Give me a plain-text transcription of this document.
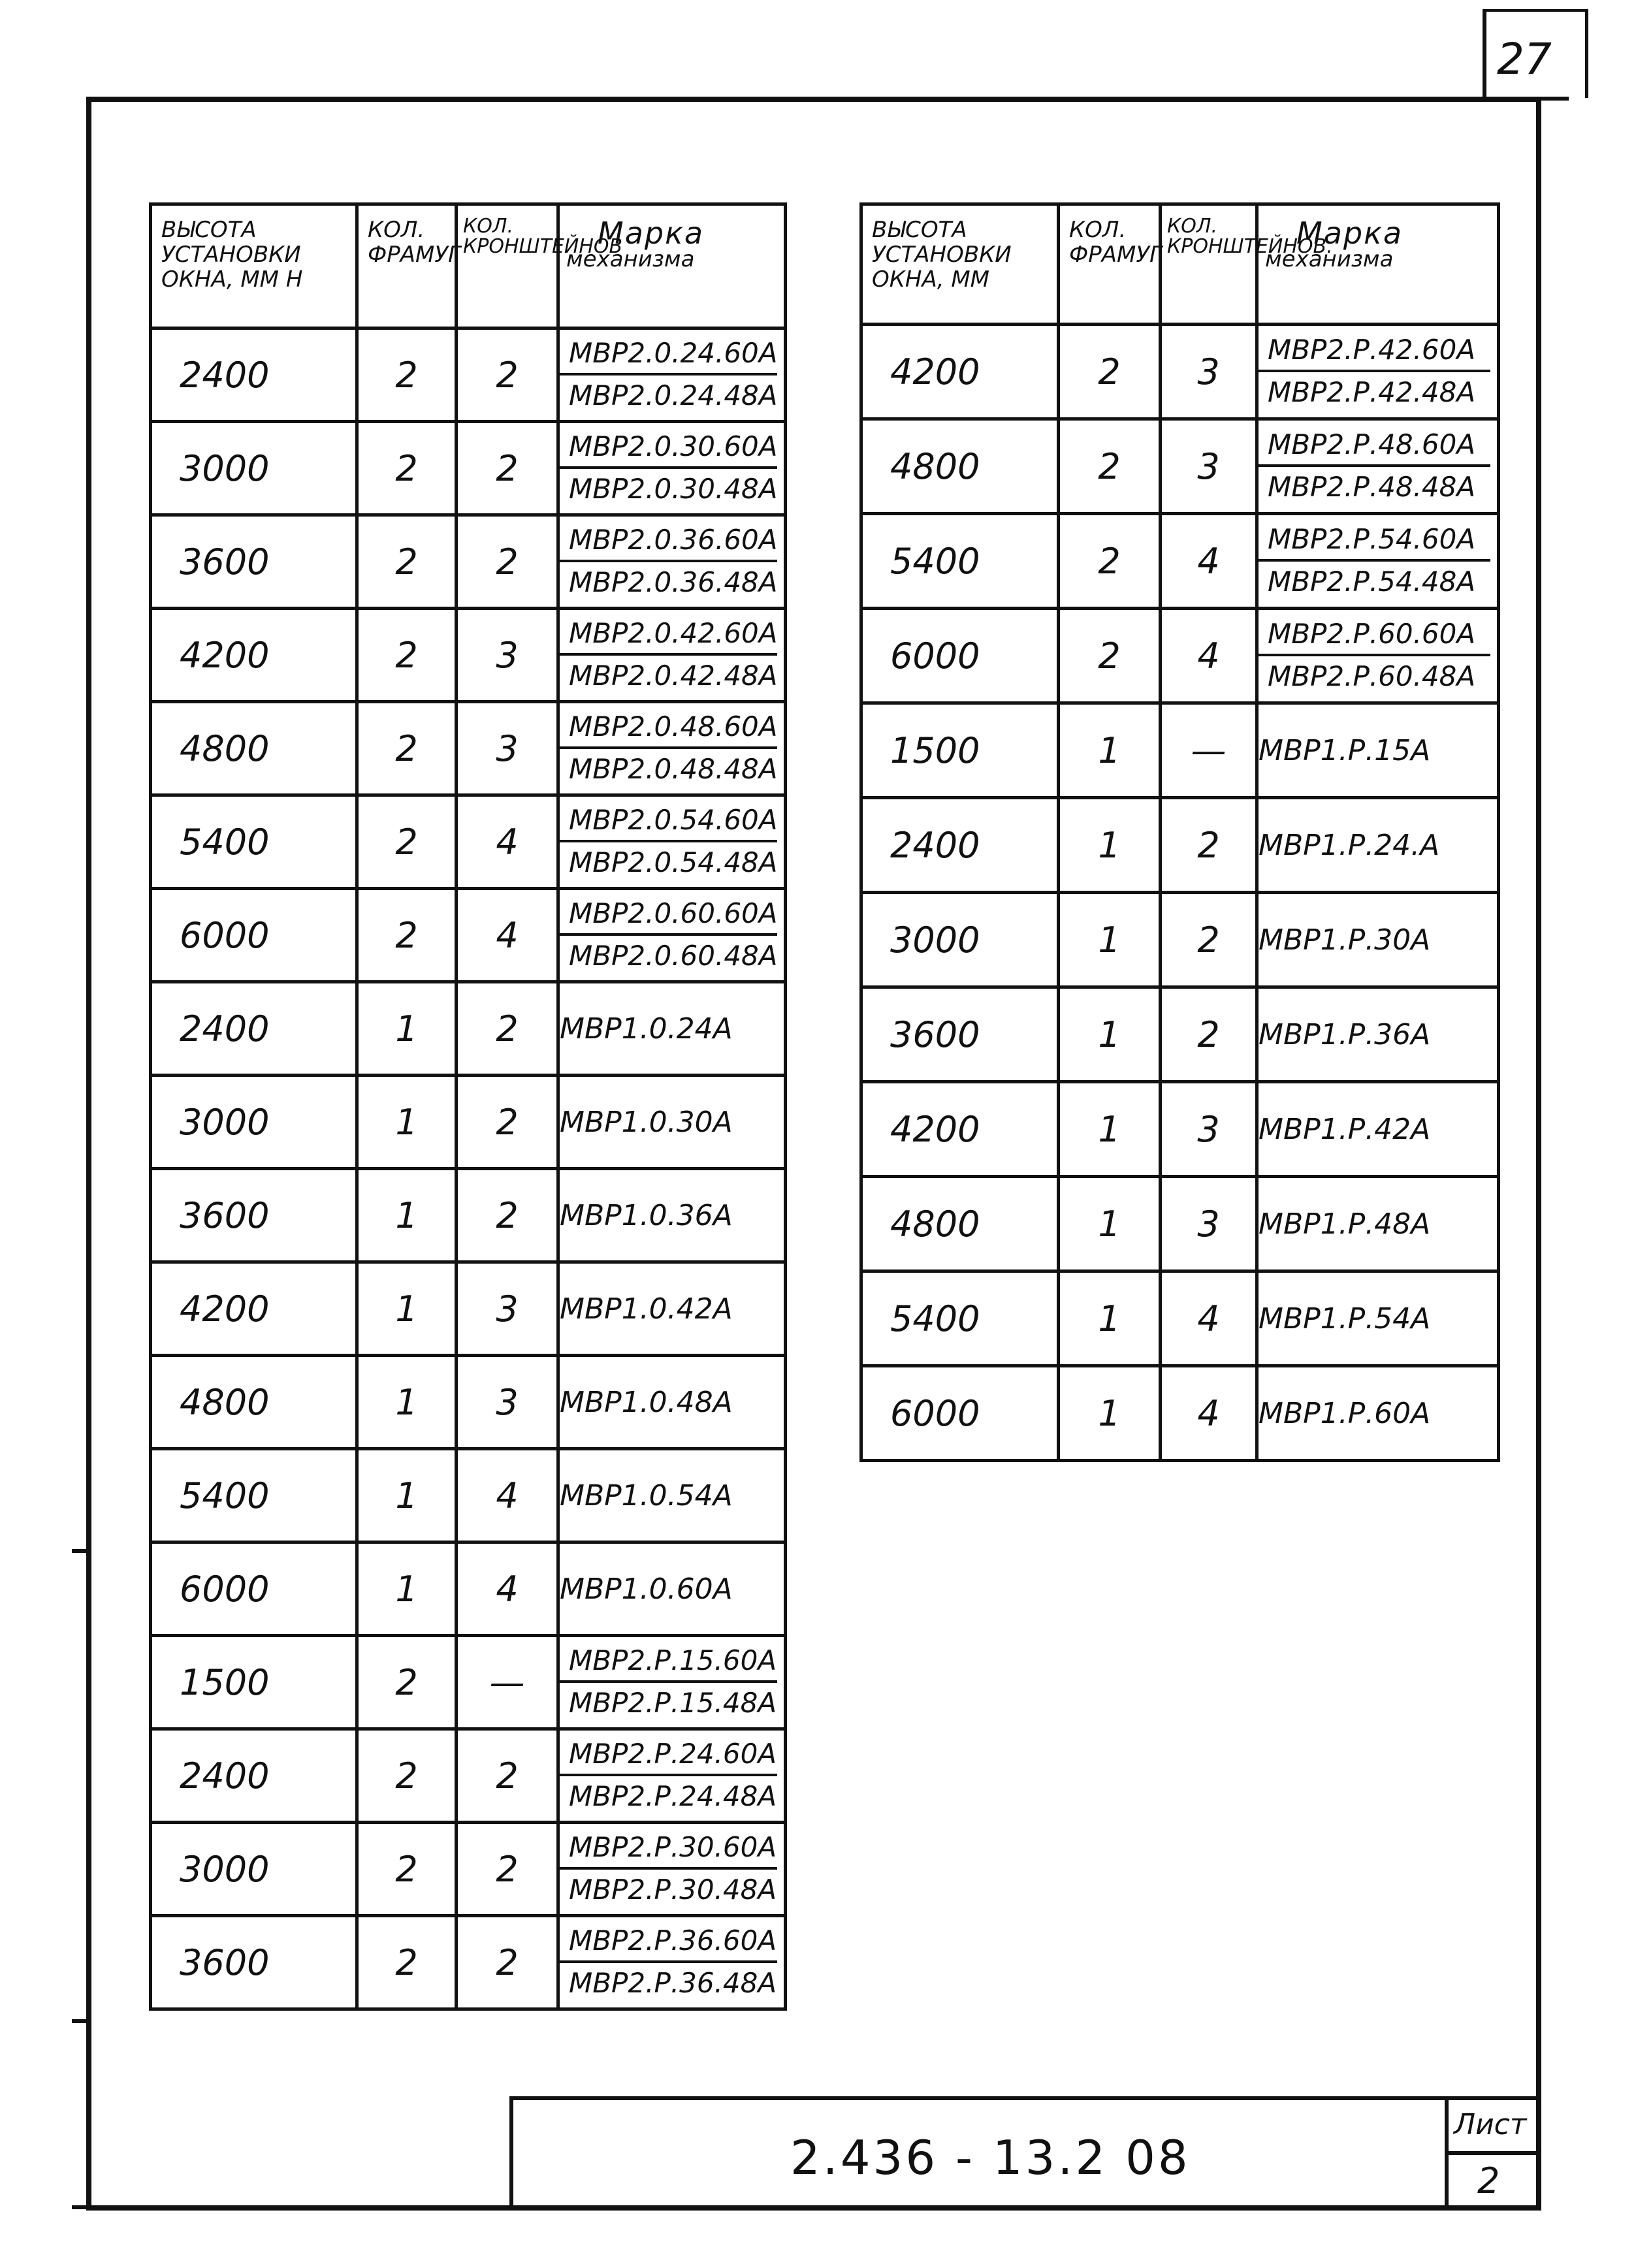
27
ВЫСОТА УСТАНОВКИ ОКНА, ММ Н	КОЛ. ФРАМУГ	КОЛ. КРОНШТЕЙНОВ	Марка
механизма

2400	2	2	МВР2.0.24.60А
МВР2.0.24.48А

3000	2	2	МВР2.0.30.60А
МВР2.0.30.48А

3600	2	2	МВР2.0.36.60А
МВР2.0.36.48А

4200	2	3	МВР2.0.42.60А
МВР2.0.42.48А

4800	2	3	МВР2.0.48.60А
МВР2.0.48.48А

5400	2	4	МВР2.0.54.60А
МВР2.0.54.48А

6000	2	4	МВР2.0.60.60А
МВР2.0.60.48А

2400	1	2	МВР1.0.24А
3000	1	2	МВР1.0.30А
3600	1	2	МВР1.0.36А
4200	1	3	МВР1.0.42А
4800	1	3	МВР1.0.48А
5400	1	4	МВР1.0.54А
6000	1	4	МВР1.0.60А
1500	2	—	МВР2.Р.15.60А
МВР2.Р.15.48А

2400	2	2	МВР2.Р.24.60А
МВР2.Р.24.48А

3000	2	2	МВР2.Р.30.60А
МВР2.Р.30.48А

3600	2	2	МВР2.Р.36.60А
МВР2.Р.36.48А
ВЫСОТА УСТАНОВКИ ОКНА, ММ	КОЛ. ФРАМУГ	КОЛ. КРОНШТЕЙНОВ.	Марка
механизма

4200	2	3	МВР2.Р.42.60А
МВР2.Р.42.48А

4800	2	3	МВР2.Р.48.60А
МВР2.Р.48.48А

5400	2	4	МВР2.Р.54.60А
МВР2.Р.54.48А

6000	2	4	МВР2.Р.60.60А
МВР2.Р.60.48А

1500	1	—	МВР1.Р.15А
2400	1	2	МВР1.Р.24.А
3000	1	2	МВР1.Р.30А
3600	1	2	МВР1.Р.36А
4200	1	3	МВР1.Р.42А
4800	1	3	МВР1.Р.48А
5400	1	4	МВР1.Р.54А
6000	1	4	МВР1.Р.60А
2.436 - 13.2 08
Лист
2
